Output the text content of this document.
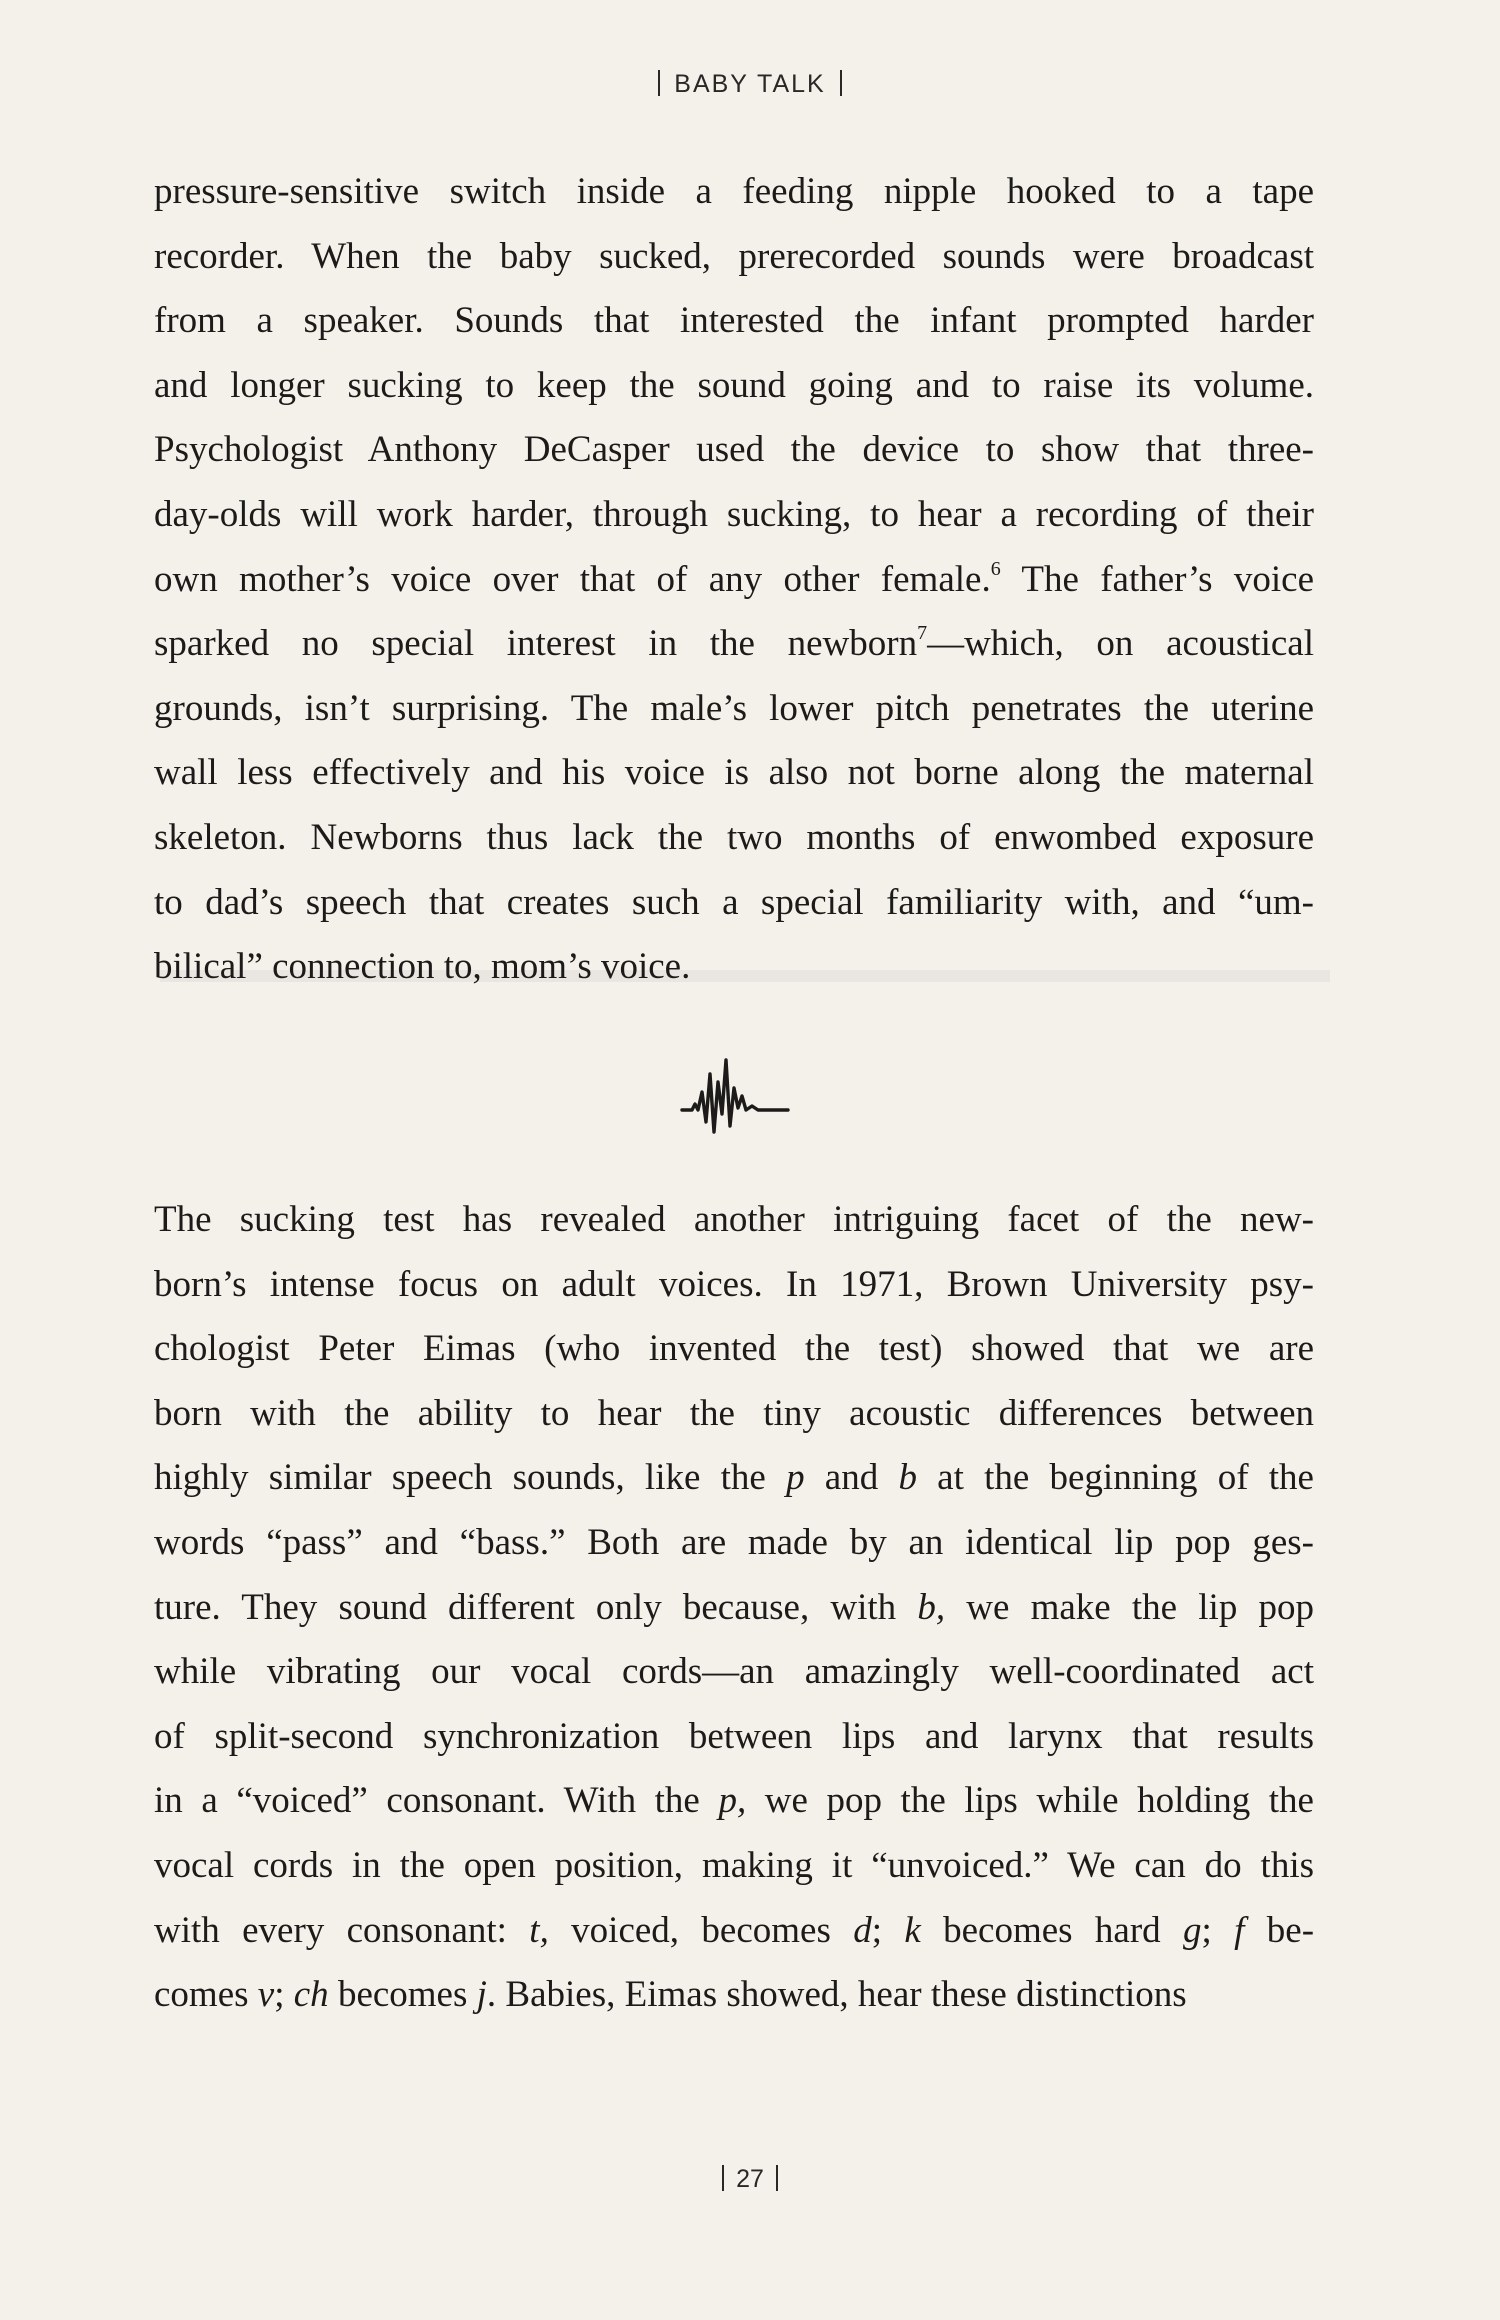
BABY TALK

pressure-sensitive switch inside a feeding nipple hooked to a tape
recorder. When the baby sucked, prerecorded sounds were broadcast
from a speaker. Sounds that interested the infant prompted harder
and longer sucking to keep the sound going and to raise its volume.
Psychologist Anthony DeCasper used the device to show that three-
day-olds will work harder, through sucking, to hear a recording of their
own mother’s voice over that of any other female.$^6$ The father’s voice
sparked no special interest in the newborn$^7$—which, on acoustical
grounds, isn’t surprising. The male’s lower pitch penetrates the uterine
wall less effectively and his voice is also not borne along the maternal
skeleton. Newborns thus lack the two months of enwombed exposure
to dad’s speech that creates such a special familiarity with, and “um-
bilical” connection to, mom’s voice.

The sucking test has revealed another intriguing facet of the new-
born’s intense focus on adult voices. In 1971, Brown University psy-
chologist Peter Eimas (who invented the test) showed that we are
born with the ability to hear the tiny acoustic differences between
highly similar speech sounds, like the p and b at the beginning of the
words “pass” and “bass.” Both are made by an identical lip pop ges-
ture. They sound different only because, with b, we make the lip pop
while vibrating our vocal cords—an amazingly well-coordinated act
of split-second synchronization between lips and larynx that results
in a “voiced” consonant. With the p, we pop the lips while holding the
vocal cords in the open position, making it “unvoiced.” We can do this
with every consonant: t, voiced, becomes d; k becomes hard g; f be-
comes v; ch becomes j. Babies, Eimas showed, hear these distinctions

27
